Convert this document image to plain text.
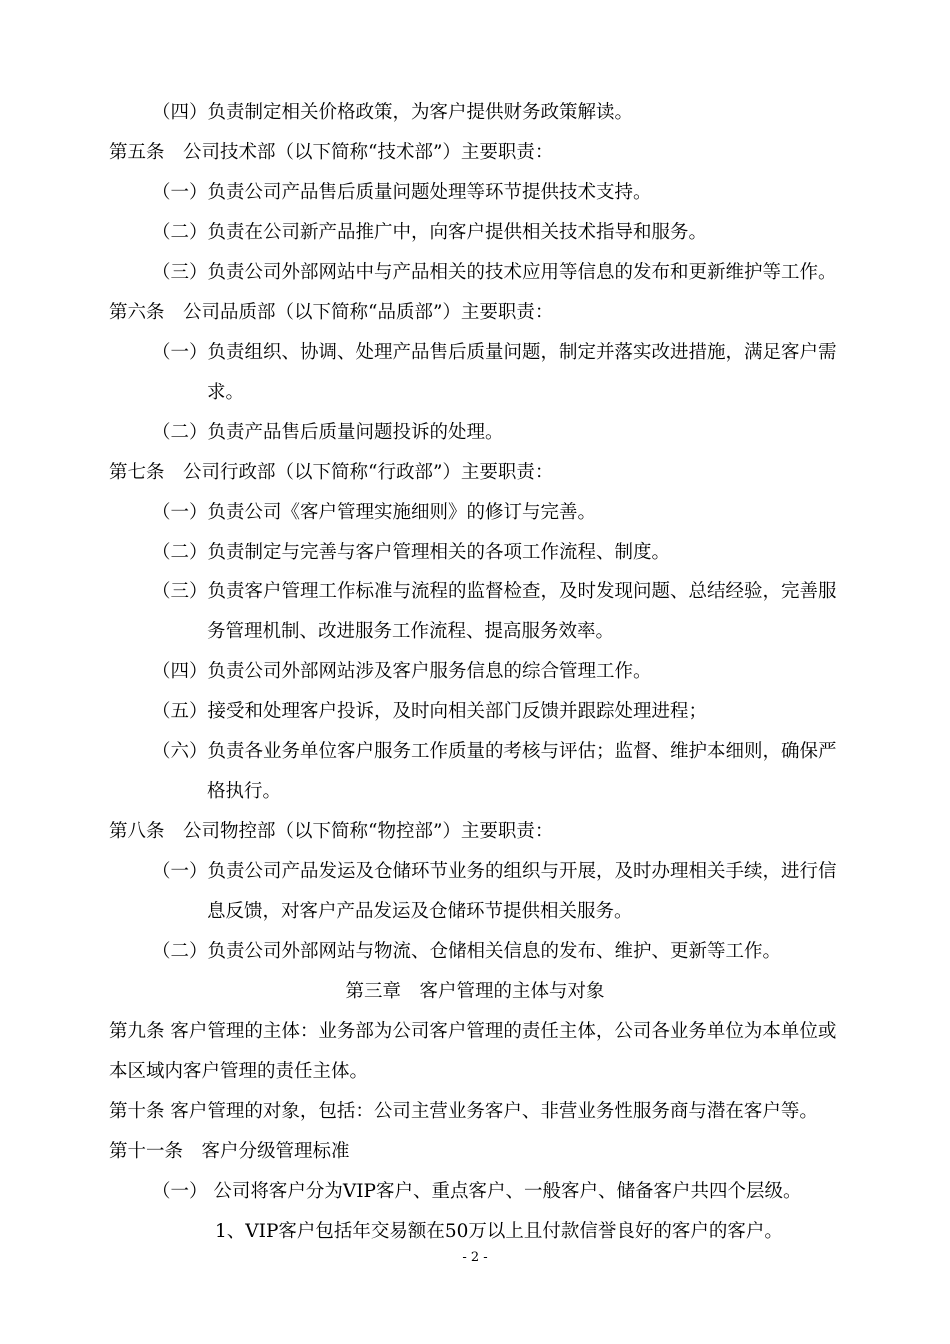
（四）负责制定相关价格政策，为客户提供财务政策解读。
第五条　公司技术部（以下简称“技术部”）主要职责：
（一）负责公司产品售后质量问题处理等环节提供技术支持。
（二）负责在公司新产品推广中，向客户提供相关技术指导和服务。
（三）负责公司外部网站中与产品相关的技术应用等信息的发布和更新维护等工作。
第六条　公司品质部（以下简称“品质部”）主要职责：
（一）负责组织、协调、处理产品售后质量问题，制定并落实改进措施，满足客户需
求。
（二）负责产品售后质量问题投诉的处理。
第七条　公司行政部（以下简称“行政部”）主要职责：
（一）负责公司《客户管理实施细则》的修订与完善。
（二）负责制定与完善与客户管理相关的各项工作流程、制度。
（三）负责客户管理工作标准与流程的监督检查，及时发现问题、总结经验，完善服
务管理机制、改进服务工作流程、提高服务效率。
（四）负责公司外部网站涉及客户服务信息的综合管理工作。
（五）接受和处理客户投诉，及时向相关部门反馈并跟踪处理进程；
（六）负责各业务单位客户服务工作质量的考核与评估；监督、维护本细则，确保严
格执行。
第八条　公司物控部（以下简称“物控部”）主要职责：
（一）负责公司产品发运及仓储环节业务的组织与开展，及时办理相关手续，进行信
息反馈，对客户产品发运及仓储环节提供相关服务。
（二）负责公司外部网站与物流、仓储相关信息的发布、维护、更新等工作。
第三章　客户管理的主体与对象
第九条 客户管理的主体：业务部为公司客户管理的责任主体，公司各业务单位为本单位或
本区域内客户管理的责任主体。
第十条 客户管理的对象，包括：公司主营业务客户、非营业务性服务商与潜在客户等。
第十一条　客户分级管理标准
（一） 公司将客户分为VIP客户、重点客户、一般客户、储备客户共四个层级。
1、VIP客户包括年交易额在50万以上且付款信誉良好的客户的客户。
- 2 -
